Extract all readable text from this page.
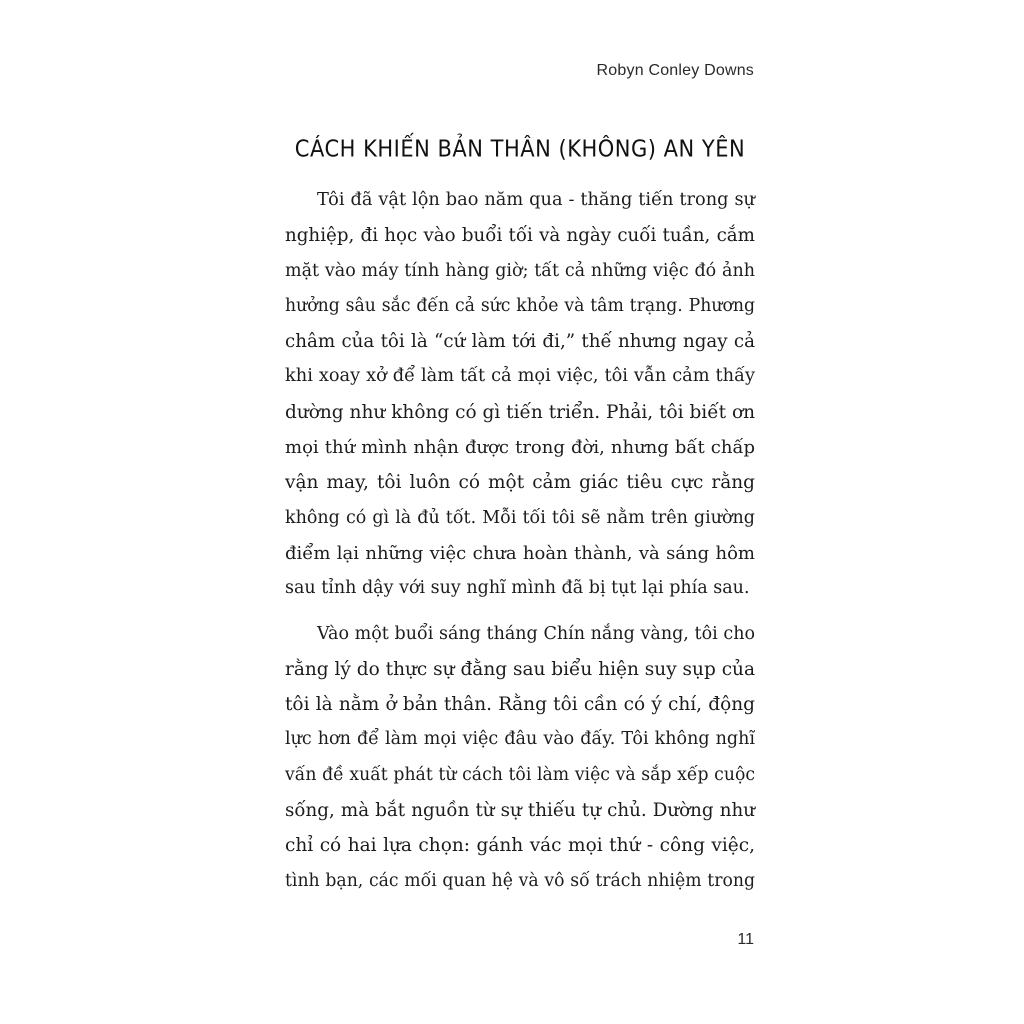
Robyn Conley Downs
CÁCH KHIẾN BẢN THÂN (KHÔNG) AN YÊN
Tôi đã vật lộn bao năm qua - thăng tiến trong sự
nghiệp, đi học vào buổi tối và ngày cuối tuần, cắm
mặt vào máy tính hàng giờ; tất cả những việc đó ảnh
hưởng sâu sắc đến cả sức khỏe và tâm trạng. Phương
châm của tôi là “cứ làm tới đi,” thế nhưng ngay cả
khi xoay xở để làm tất cả mọi việc, tôi vẫn cảm thấy
dường như không có gì tiến triển. Phải, tôi biết ơn
mọi thứ mình nhận được trong đời, nhưng bất chấp
vận may, tôi luôn có một cảm giác tiêu cực rằng
không có gì là đủ tốt. Mỗi tối tôi sẽ nằm trên giường
điểm lại những việc chưa hoàn thành, và sáng hôm
sau tỉnh dậy với suy nghĩ mình đã bị tụt lại phía sau.
Vào một buổi sáng tháng Chín nắng vàng, tôi cho
rằng lý do thực sự đằng sau biểu hiện suy sụp của
tôi là nằm ở bản thân. Rằng tôi cần có ý chí, động
lực hơn để làm mọi việc đâu vào đấy. Tôi không nghĩ
vấn đề xuất phát từ cách tôi làm việc và sắp xếp cuộc
sống, mà bắt nguồn từ sự thiếu tự chủ. Dường như
chỉ có hai lựa chọn: gánh vác mọi thứ - công việc,
tình bạn, các mối quan hệ và vô số trách nhiệm trong
11
